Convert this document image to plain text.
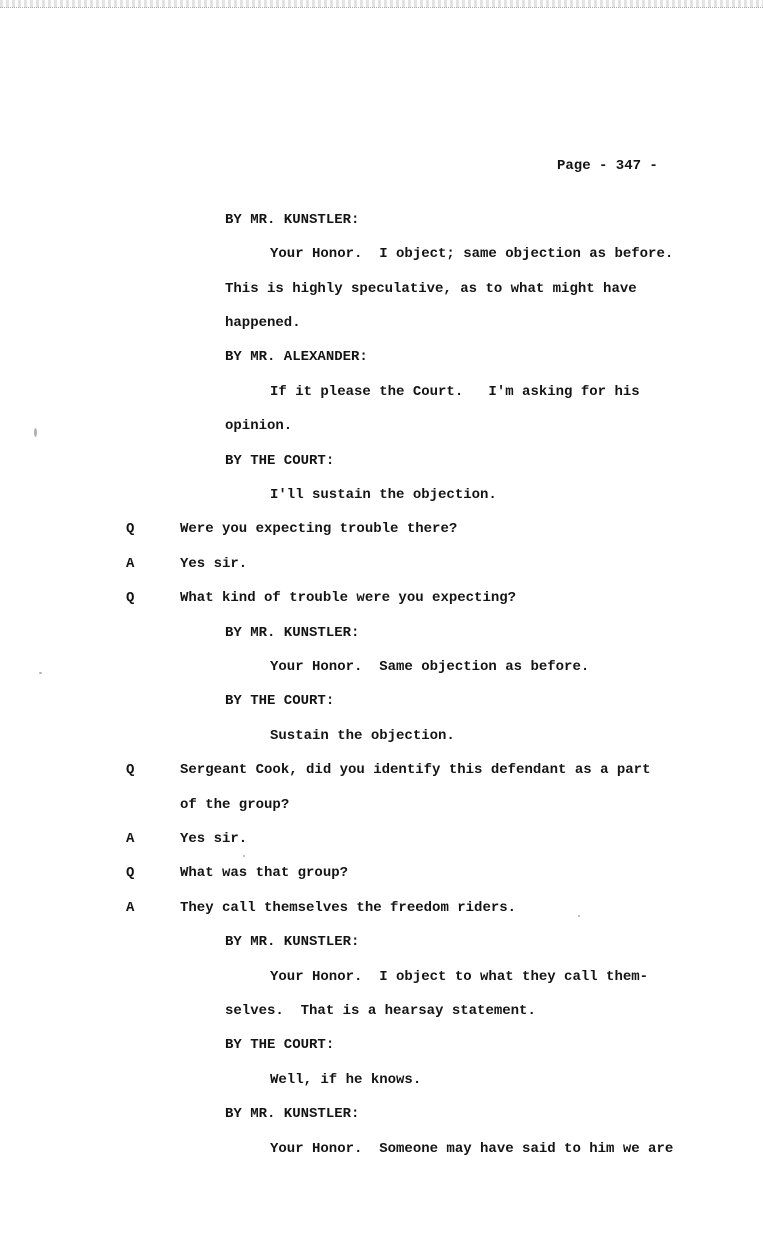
Page - 347 -
Q
A
Q
Q
A
Q
A
BY MR. KUNSTLER:
Your Honor.  I object; same objection as before.
This is highly speculative, as to what might have
happened.
BY MR. ALEXANDER:
If it please the Court.   I'm asking for his
opinion.
BY THE COURT:
I'll sustain the objection.
Were you expecting trouble there?
Yes sir.
What kind of trouble were you expecting?
BY MR. KUNSTLER:
Your Honor.  Same objection as before.
BY THE COURT:
Sustain the objection.
Sergeant Cook, did you identify this defendant as a part
of the group?
Yes sir.
What was that group?
They call themselves the freedom riders.
BY MR. KUNSTLER:
Your Honor.  I object to what they call them-
selves.  That is a hearsay statement.
BY THE COURT:
Well, if he knows.
BY MR. KUNSTLER:
Your Honor.  Someone may have said to him we are
